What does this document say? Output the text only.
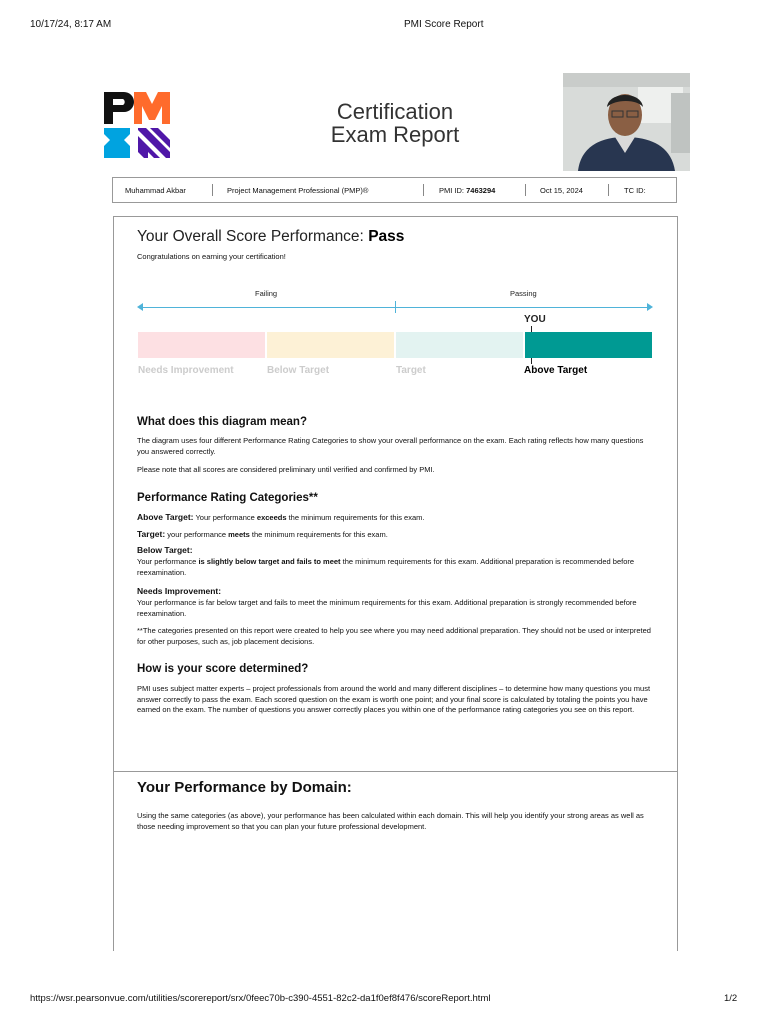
10/17/24, 8:17 AM	PMI Score Report
Certification
Exam Report
Muhammad Akbar	Project Management Professional (PMP)®	PMI ID: 7463294	Oct 15, 2024	TC ID:
Your Overall Score Performance: Pass
Congratulations on earning your certification!
Failing	Passing
YOU
Needs Improvement	Below Target	Target	Above Target
What does this diagram mean?
The diagram uses four different Performance Rating Categories to show your overall performance on the exam. Each rating reflects how many questions you answered correctly.
Please note that all scores are considered preliminary until verified and confirmed by PMI.
Performance Rating Categories**
Above Target: Your performance exceeds the minimum requirements for this exam.
Target: your performance meets the minimum requirements for this exam.
Below Target:
Your performance is slightly below target and fails to meet the minimum requirements for this exam. Additional preparation is recommended before reexamination.
Needs Improvement:
Your performance is far below target and fails to meet the minimum requirements for this exam. Additional preparation is strongly recommended before reexamination.
**The categories presented on this report were created to help you see where you may need additional preparation. They should not be used or interpreted for other purposes, such as, job placement decisions.
How is your score determined?
PMI uses subject matter experts – project professionals from around the world and many different disciplines – to determine how many questions you must answer correctly to pass the exam. Each scored question on the exam is worth one point; and your final score is calculated by totaling the points you have earned on the exam. The number of questions you answer correctly places you within one of the performance rating categories you see on this report.
Your Performance by Domain:
Using the same categories (as above), your performance has been calculated within each domain. This will help you identify your strong areas as well as those needing improvement so that you can plan your future professional development.
https://wsr.pearsonvue.com/utilities/scorereport/srx/0feec70b-c390-4551-82c2-da1f0ef8f476/scoreReport.html	1/2
